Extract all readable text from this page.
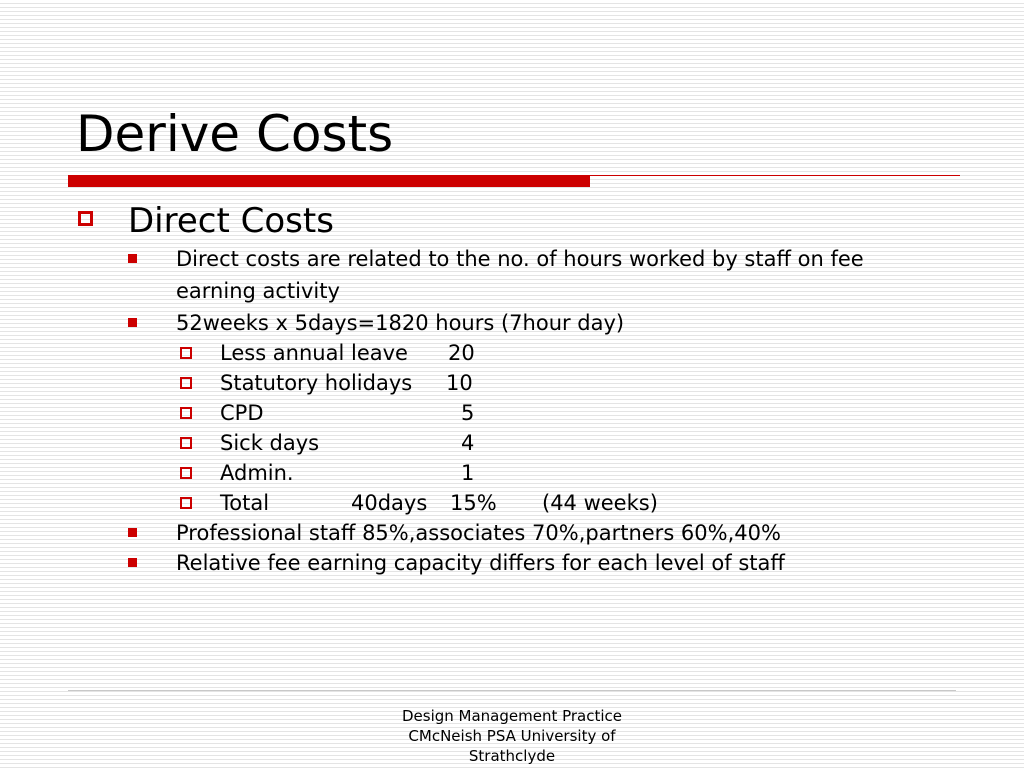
Derive Costs
Direct Costs
Direct costs are related to the no. of hours worked by staff on fee
earning activity
52weeks x 5days=1820 hours (7hour day)
Less annual leave 20
Statutory holidays 10
CPD	5
Sick days	4
Admin.	1
Total	40days 15% (44 weeks)
Professional staff 85%,associates 70%,partners 60%,40%
Relative fee earning capacity differs for each level of staff
Design Management Practice
CMcNeish PSA University of
Strathclyde
